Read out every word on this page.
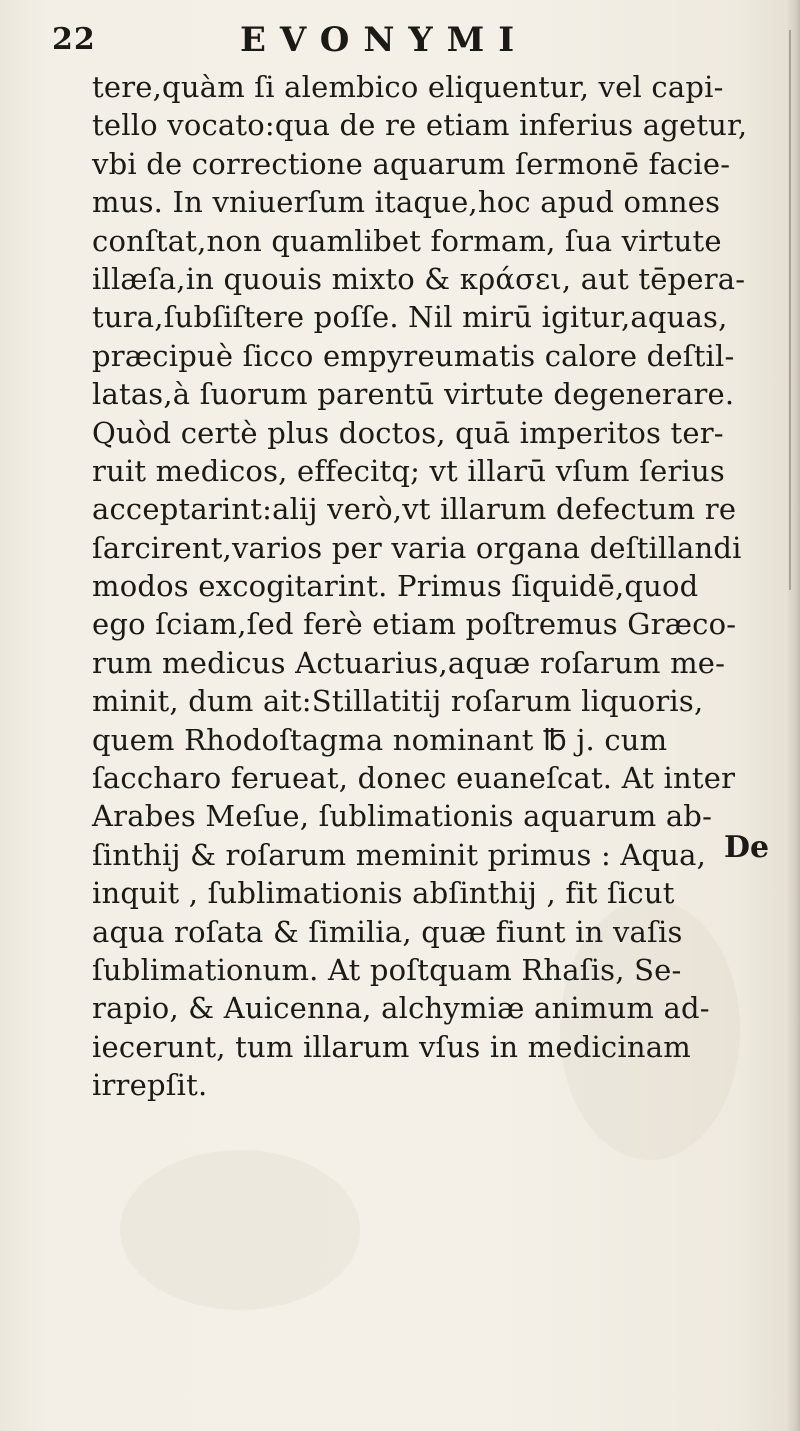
22	EVONYMI
tere,quàm ſi alembico eliquentur, vel capi-
tello vocato:qua de re etiam inferius agetur,
vbi de correctione aquarum ſermonē facie-
mus. In vniuerſum itaque,hoc apud omnes
conſtat,non quamlibet formam, ſua virtute
illæſa,in quouis mixto & κράσει, aut tēpera-
tura,ſubſiſtere poſſe. Nil mirū igitur,aquas,
præcipuè ſicco empyreumatis calore deſtil-
latas,à ſuorum parentū virtute degenerare.
Quòd certè plus doctos, quā imperitos ter-
ruit medicos, effecitq; vt illarū vſum ſerius
acceptarint:alij verò,vt illarum defectum re
ſarcirent,varios per varia organa deſtillandi
modos excogitarint. Primus ſiquidē,quod
ego ſciam,ſed ferè etiam poſtremus Græco-
rum medicus Actuarius,aquæ roſarum me-
minit, dum ait:Stillatitij roſarum liquoris,
quem Rhodoſtagma nominant ℔ j. cum
ſaccharo ferueat, donec euaneſcat. At inter
Arabes Meſue, ſublimationis aquarum ab-
ſinthij & roſarum meminit primus : Aqua,
inquit , ſublimationis abſinthij , fit ſicut
aqua roſata & ſimilia, quæ fiunt in vaſis
ſublimationum. At poſtquam Rhaſis, Se-
rapio, & Auicenna, alchymiæ animum ad-
iecerunt, tum illarum vſus in medicinam
irrepſit.
De
